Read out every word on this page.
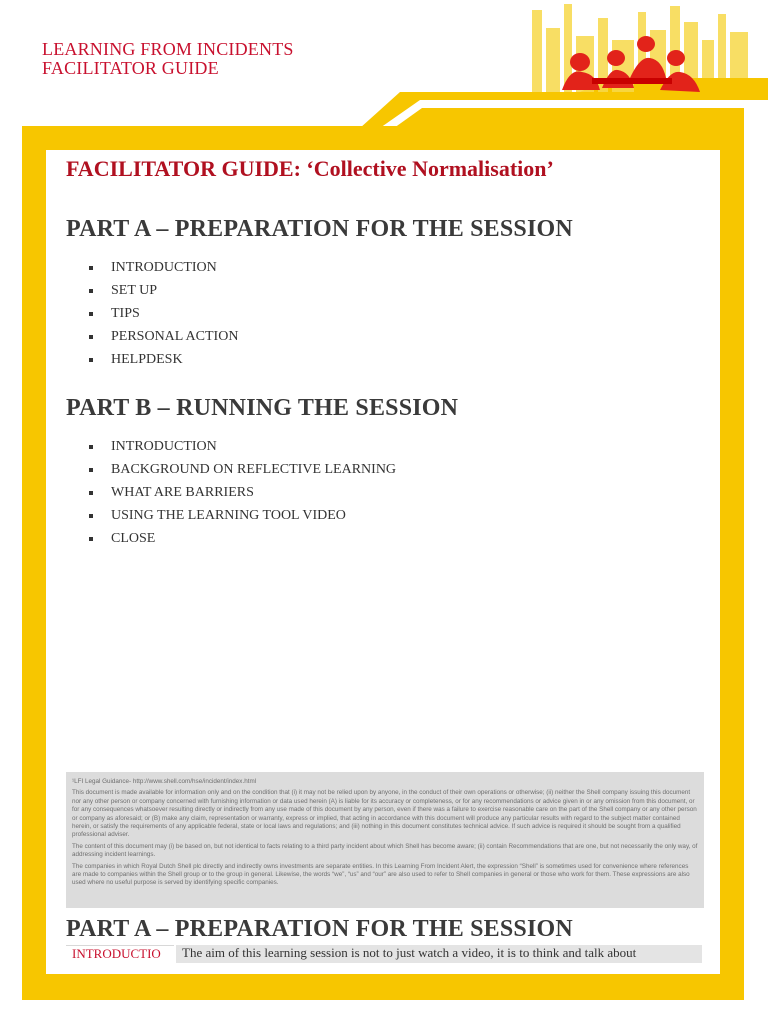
LEARNING FROM INCIDENTS
FACILITATOR GUIDE
FACILITATOR GUIDE: ‘Collective Normalisation’
PART A – PREPARATION FOR THE SESSION
INTRODUCTION
SET UP
TIPS
PERSONAL ACTION
HELPDESK
PART B – RUNNING THE SESSION
INTRODUCTION
BACKGROUND ON REFLECTIVE LEARNING
WHAT ARE BARRIERS
USING THE LEARNING TOOL VIDEO
CLOSE

¹LFI Legal Guidance- http://www.shell.com/hse/incident/index.html

This document is made available for information only and on the condition that (i) it may not be relied upon by anyone, in the conduct of their own operations or otherwise; (ii) neither the Shell company issuing this document nor any other person or company concerned with furnishing information or data used herein (A) is liable for its accuracy or completeness, or for any recommendations or advice given in or any omission from this document, or for any consequences whatsoever resulting directly or indirectly from any use made of this document by any person, even if there was a failure to exercise reasonable care on the part of the Shell company or any other person or company as aforesaid; or (B) make any claim, representation or warranty, express or implied, that acting in accordance with this document will produce any particular results with regard to the subject matter contained herein, or satisfy the requirements of any applicable federal, state or local laws and regulations; and (iii) nothing in this document constitutes technical advice. If such advice is required it should be sought from a qualified professional adviser.

The content of this document may (i) be based on, but not identical to facts relating to a third party incident about which Shell has become aware; (ii) contain Recommendations that are one, but not necessarily the only way, of addressing incident learnings.

The companies in which Royal Dutch Shell plc directly and indirectly owns investments are separate entities. In this Learning From Incident Alert, the expression “Shell” is sometimes used for convenience where references are made to companies within the Shell group or to the group in general. Likewise, the words “we”, “us” and “our” are also used to refer to Shell companies in general or those who work for them. These expressions are also used where no useful purpose is served by identifying specific companies.

PART A – PREPARATION FOR THE SESSION
INTRODUCTIO	The aim of this learning session is not to just watch a video, it is to think and talk about
